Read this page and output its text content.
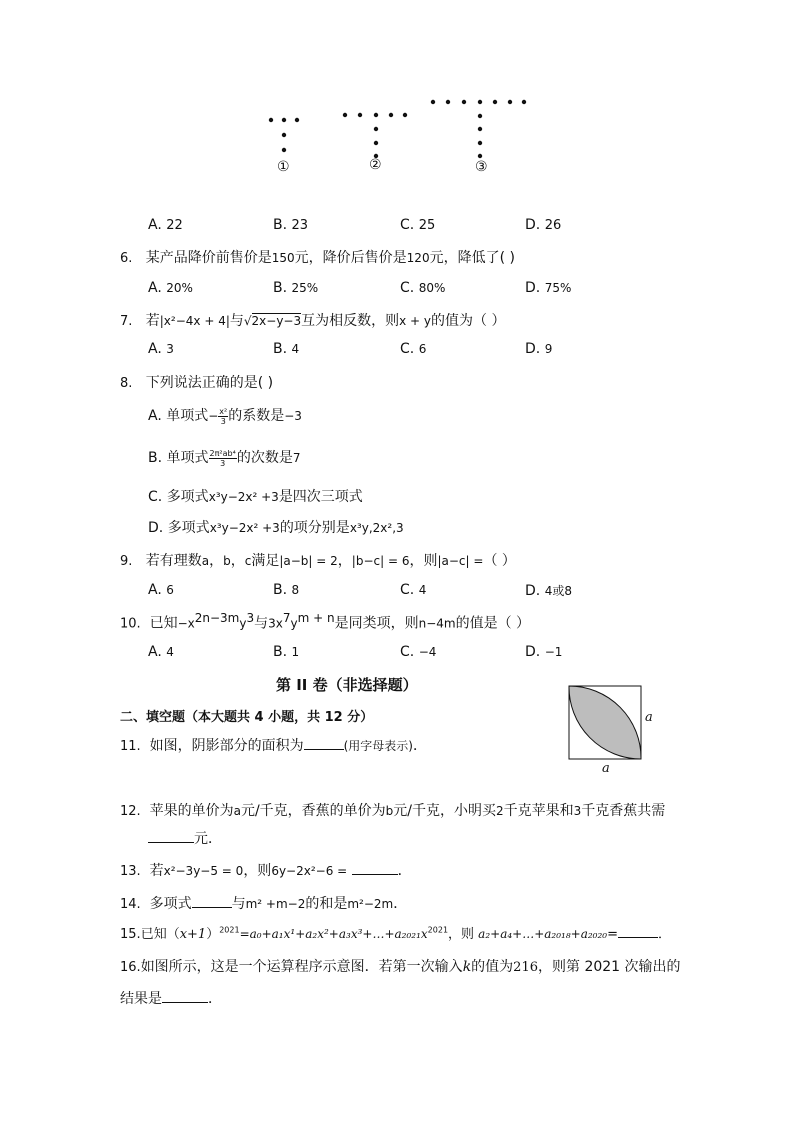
①	②	③
A. 22	B. 23	C. 25	D. 26
6. 某产品降价前售价是150元，降价后售价是120元，降低了( )
A. 20%	B. 25%	C. 80%	D. 75%
7. 若|x²−4x + 4|与√2x−y−3互为相反数，则x + y的值为（ ）
A. 3	B. 4	C. 6	D. 9
8. 下列说法正确的是( )
A. 单项式− $\frac{\text{x²}}{3}$ 的系数是−3
B. 单项式 $\frac{\text{2π²ab⁴}}{3}$ 的次数是7
C. 多项式x³y−2x² +3是四次三项式
D. 多项式x³y−2x² +3的项分别是x³y,2x²,3
9. 若有理数a，b，c满足|a−b| = 2，|b−c| = 6，则|a−c| =（ ）
A. 6	B. 8	C. 4	D. 4或8
10. 已知$-x^{2n-3m}y^3$与$3x^7y^{m + n}$是同类项，则n−4m的值是（ ）
A. 4	B. 1	C. −4	D. −1
第 II 卷（非选择题）
a
a
二、填空题（本大题共 4 小题，共 12 分）
11. 如图，阴影部分的面积为	(用字母表示)．
12. 苹果的单价为a元/千克，香蕉的单价为b元/千克，小明买2千克苹果和3千克香蕉共需
元．
13. 若x²−3y−5 = 0，则6y−2x²−6 =	．
14. 多项式	与m² +m−2的和是m²−2m．
15.已知$(x+1)^{2021}=a_0+a_1x^1+a_2x^2+a_3x^3+\dots+a_{2021}x^{2021}$，则 a₂+a₄+…+a₂₀₁₈+a₂₀₂₀=	．
16.如图所示，这是一个运算程序示意图．若第一次输入k的值为216，则第 2021 次输出的
结果是	．
